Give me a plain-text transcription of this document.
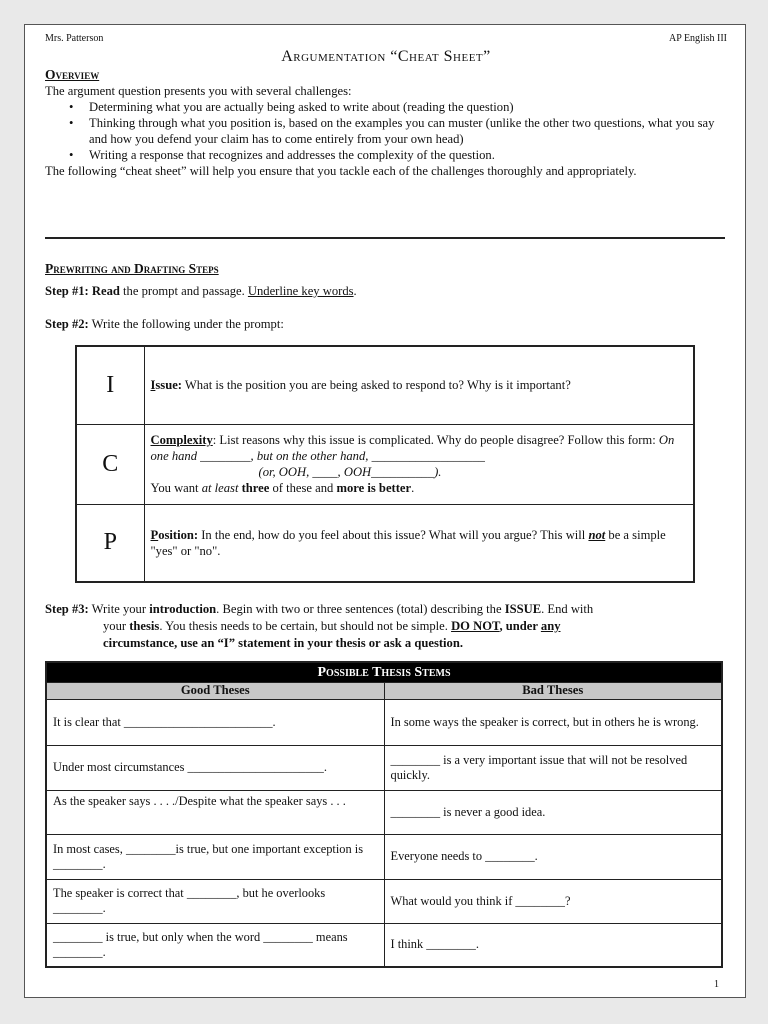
Mrs. Patterson	AP English III
Argumentation “Cheat Sheet”
Overview
The argument question presents you with several challenges:
• Determining what you are actually being asked to write about (reading the question)
• Thinking through what you position is, based on the examples you can muster (unlike the other two questions, what you say and how you defend your claim has to come entirely from your own head)
• Writing a response that recognizes and addresses the complexity of the question.
The following “cheat sheet” will help you ensure that you tackle each of the challenges thoroughly and appropriately.
Prewriting and Drafting Steps
Step #1: Read the prompt and passage. Underline key words.
Step #2: Write the following under the prompt:
I	Issue: What is the position you are being asked to respond to? Why is it important?
C	Complexity: List reasons why this issue is complicated. Why do people disagree? Follow this form: On one hand ________, but on the other hand, __________________
(or, OOH, ____, OOH__________).
You want at least three of these and more is better.
P	Position: In the end, how do you feel about this issue? What will you argue? This will not be a simple "yes" or "no".
Step #3: Write your introduction. Begin with two or three sentences (total) describing the ISSUE. End with
your thesis. You thesis needs to be certain, but should not be simple. DO NOT, under any
circumstance, use an “I” statement in your thesis or ask a question.
Possible Thesis Stems	
Good Theses	Bad Theses
It is clear that ________________________.	In some ways the speaker is correct, but in others he is wrong.
Under most circumstances ______________________.	________ is a very important issue that will not be resolved quickly.
As the speaker says . . . ./Despite what the speaker says . . .	________ is never a good idea.
In most cases, ________is true, but one important exception is ________.	Everyone needs to ________.
The speaker is correct that ________, but he overlooks ________.	What would you think if ________?
________ is true, but only when the word ________ means ________.	I think ________.
1
